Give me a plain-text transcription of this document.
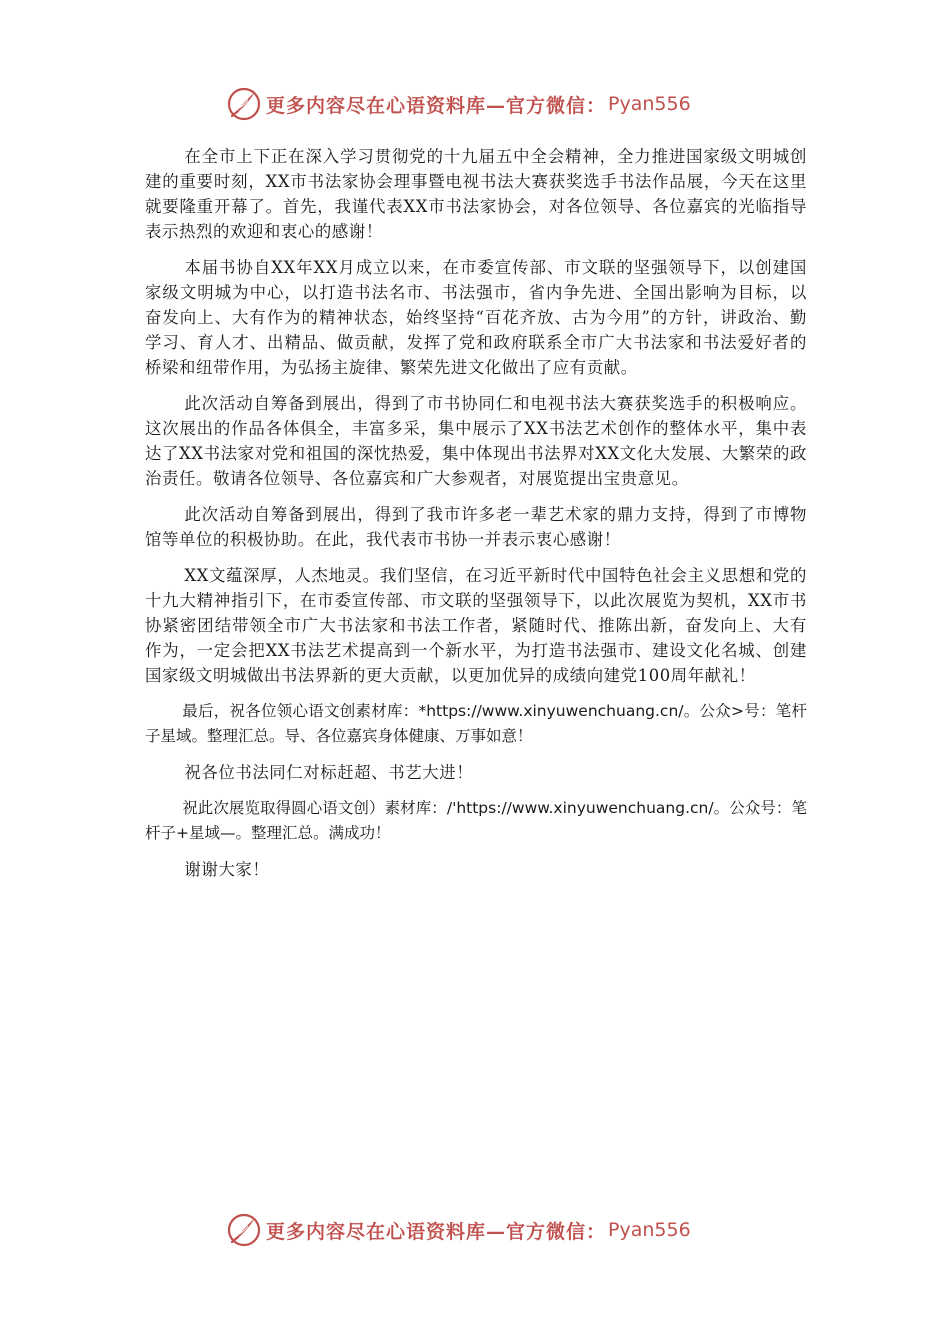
更多内容尽在心语资料库—官方微信： Pyan556

在全市上下正在深入学习贯彻党的十九届五中全会精神，全力推进国家级文明城创建的重要时刻，XX市书法家协会理事暨电视书法大赛获奖选手书法作品展，今天在这里就要隆重开幕了。首先，我谨代表XX市书法家协会，对各位领导、各位嘉宾的光临指导表示热烈的欢迎和衷心的感谢！

本届书协自XX年XX月成立以来，在市委宣传部、市文联的坚强领导下，以创建国家级文明城为中心，以打造书法名市、书法强市，省内争先进、全国出影响为目标，以奋发向上、大有作为的精神状态，始终坚持“百花齐放、古为今用”的方针，讲政治、勤学习、育人才、出精品、做贡献，发挥了党和政府联系全市广大书法家和书法爱好者的桥梁和纽带作用，为弘扬主旋律、繁荣先进文化做出了应有贡献。

此次活动自筹备到展出，得到了市书协同仁和电视书法大赛获奖选手的积极响应。这次展出的作品各体俱全，丰富多采，集中展示了XX书法艺术创作的整体水平，集中表达了XX书法家对党和祖国的深忱热爱，集中体现出书法界对XX文化大发展、大繁荣的政治责任。敬请各位领导、各位嘉宾和广大参观者，对展览提出宝贵意见。

此次活动自筹备到展出，得到了我市许多老一辈艺术家的鼎力支持，得到了市博物馆等单位的积极协助。在此，我代表市书协一并表示衷心感谢！

XX文蕴深厚，人杰地灵。我们坚信，在习近平新时代中国特色社会主义思想和党的十九大精神指引下，在市委宣传部、市文联的坚强领导下，以此次展览为契机，XX市书协紧密团结带领全市广大书法家和书法工作者，紧随时代、推陈出新，奋发向上、大有作为，一定会把XX书法艺术提高到一个新水平，为打造书法强市、建设文化名城、创建国家级文明城做出书法界新的更大贡献，以更加优异的成绩向建党100周年献礼！

最后，祝各位领心语文创素材库：*https://www.xinyuwenchuang.cn/。公众>号：笔杆子星域。整理汇总。导、各位嘉宾身体健康、万事如意！

祝各位书法同仁对标赶超、书艺大进！

祝此次展览取得圆心语文创）素材库：/'https://www.xinyuwenchuang.cn/。公众号：笔杆子+星域—。整理汇总。满成功！

谢谢大家！

更多内容尽在心语资料库—官方微信： Pyan556
